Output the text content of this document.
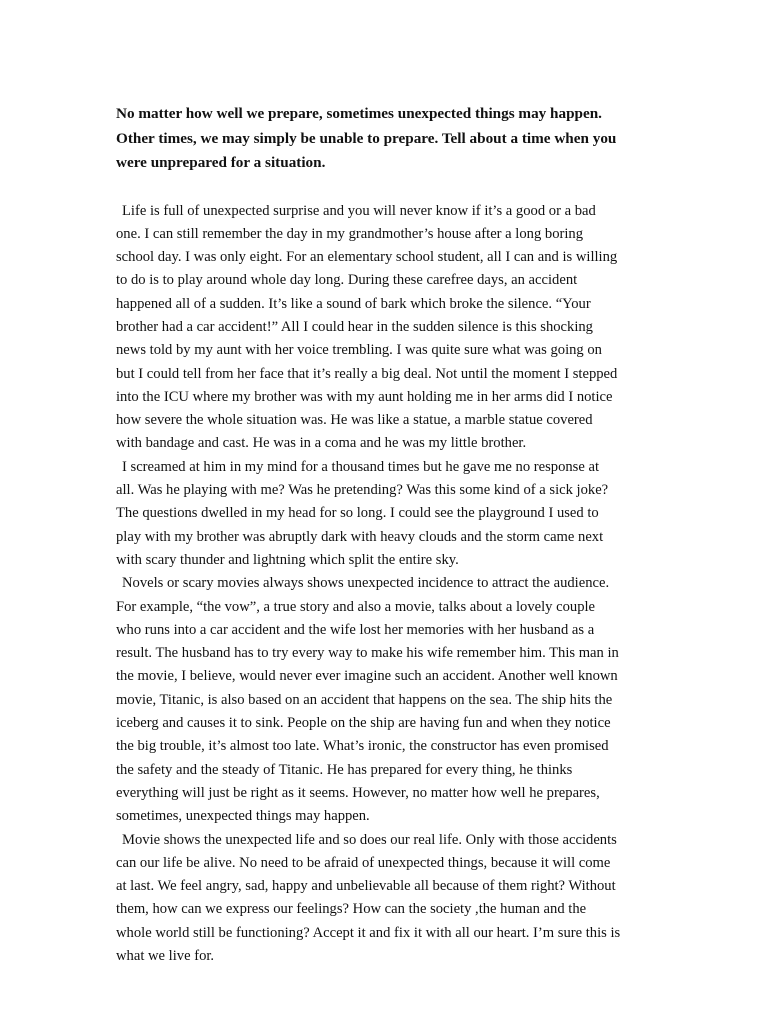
No matter how well we prepare, sometimes unexpected things may happen.
Other times, we may simply be unable to prepare. Tell about a time when you
were unprepared for a situation.
Life is full of unexpected surprise and you will never know if it’s a good or a bad
one. I can still remember the day in my grandmother’s house after a long boring
school day. I was only eight. For an elementary school student, all I can and is willing
to do is to play around whole day long. During these carefree days, an accident
happened all of a sudden. It’s like a sound of bark which broke the silence. “Your
brother had a car accident!” All I could hear in the sudden silence is this shocking
news told by my aunt with her voice trembling. I was quite sure what was going on
but I could tell from her face that it’s really a big deal. Not until the moment I stepped
into the ICU where my brother was with my aunt holding me in her arms did I notice
how severe the whole situation was. He was like a statue, a marble statue covered
with bandage and cast. He was in a coma and he was my little brother.
I screamed at him in my mind for a thousand times but he gave me no response at
all. Was he playing with me? Was he pretending? Was this some kind of a sick joke?
The questions dwelled in my head for so long. I could see the playground I used to
play with my brother was abruptly dark with heavy clouds and the storm came next
with scary thunder and lightning which split the entire sky.
Novels or scary movies always shows unexpected incidence to attract the audience.
For example, “the vow”, a true story and also a movie, talks about a lovely couple
who runs into a car accident and the wife lost her memories with her husband as a
result. The husband has to try every way to make his wife remember him. This man in
the movie, I believe, would never ever imagine such an accident. Another well known
movie, Titanic, is also based on an accident that happens on the sea. The ship hits the
iceberg and causes it to sink. People on the ship are having fun and when they notice
the big trouble, it’s almost too late. What’s ironic, the constructor has even promised
the safety and the steady of Titanic. He has prepared for every thing, he thinks
everything will just be right as it seems. However, no matter how well he prepares,
sometimes, unexpected things may happen.
Movie shows the unexpected life and so does our real life. Only with those accidents
can our life be alive. No need to be afraid of unexpected things, because it will come
at last. We feel angry, sad, happy and unbelievable all because of them right? Without
them, how can we express our feelings? How can the society ,the human and the
whole world still be functioning? Accept it and fix it with all our heart. I’m sure this is
what we live for.
